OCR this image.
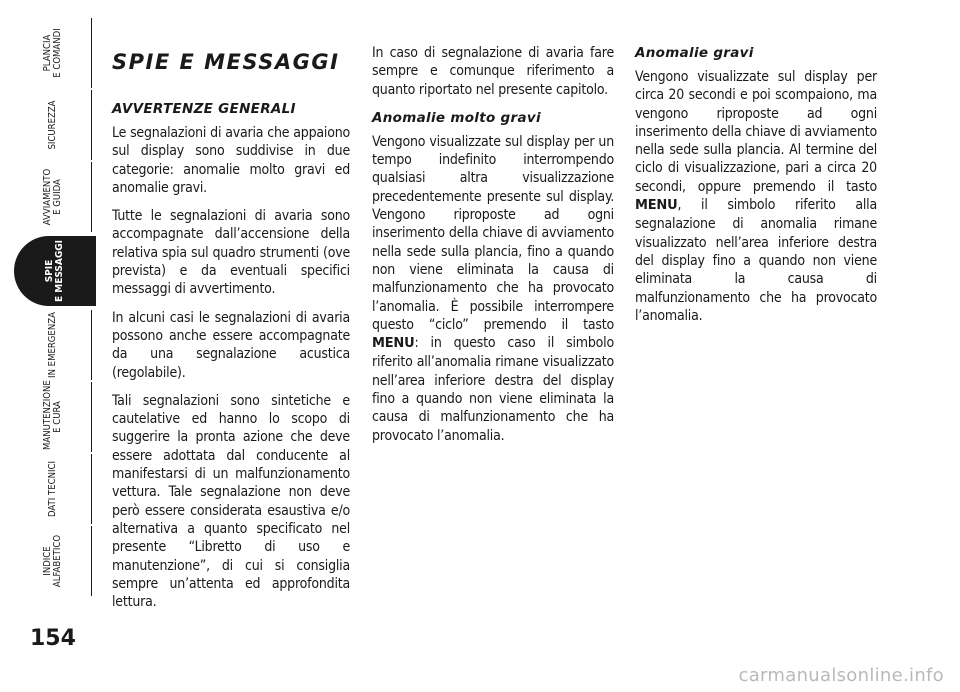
PLANCIA
E COMANDI
SICUREZZA
AVVIAMENTO
E GUIDA
SPIE
E MESSAGGI
IN EMERGENZA
MANUTENZIONE
E CURA
DATI TECNICI
INDICE
ALFABETICO
154
SPIE E MESSAGGI
AVVERTENZE GENERALI

Le segnalazioni di avaria che appaiono sul display sono suddivise in due categorie: anomalie molto gravi ed anomalie gravi.

Tutte le segnalazioni di avaria sono accompagnate dall’accensione della relativa spia sul quadro strumenti (ove prevista) e da eventuali specifici messaggi di avvertimento.

In alcuni casi le segnalazioni di avaria possono anche essere accompagnate da una segnalazione acustica (regolabile).

Tali segnalazioni sono sintetiche e cautelative ed hanno lo scopo di suggerire la pronta azione che deve essere adottata dal conducente al manifestarsi di un malfunzionamento vettura. Tale segnalazione non deve però essere considerata esaustiva e/o alternativa a quanto specificato nel presente “Libretto di uso e manutenzione”, di cui si consiglia sempre un’attenta ed approfondita lettura.

In caso di segnalazione di avaria fare sempre e comunque riferimento a quanto riportato nel presente capitolo.

Anomalie molto gravi

Vengono visualizzate sul display per un tempo indefinito interrompendo qualsiasi altra visualizzazione precedentemente presente sul display. Vengono riproposte ad ogni inserimento della chiave di avviamento nella sede sulla plancia, fino a quando non viene eliminata la causa di malfunzionamento che ha provocato l’anomalia. È possibile interrompere questo “ciclo” premendo il tasto MENU: in questo caso il simbolo riferito all’anomalia rimane visualizzato nell’area inferiore destra del display fino a quando non viene eliminata la causa di malfunzionamento che ha provocato l’anomalia.

Anomalie gravi

Vengono visualizzate sul display per circa 20 secondi e poi scompaiono, ma vengono riproposte ad ogni inserimento della chiave di avviamento nella sede sulla plancia. Al termine del ciclo di visualizzazione, pari a circa 20 secondi, oppure premendo il tasto MENU, il simbolo riferito alla segnalazione di anomalia rimane visualizzato nell’area inferiore destra del display fino a quando non viene eliminata la causa di malfunzionamento che ha provocato l’anomalia.

carmanualsonline.info
